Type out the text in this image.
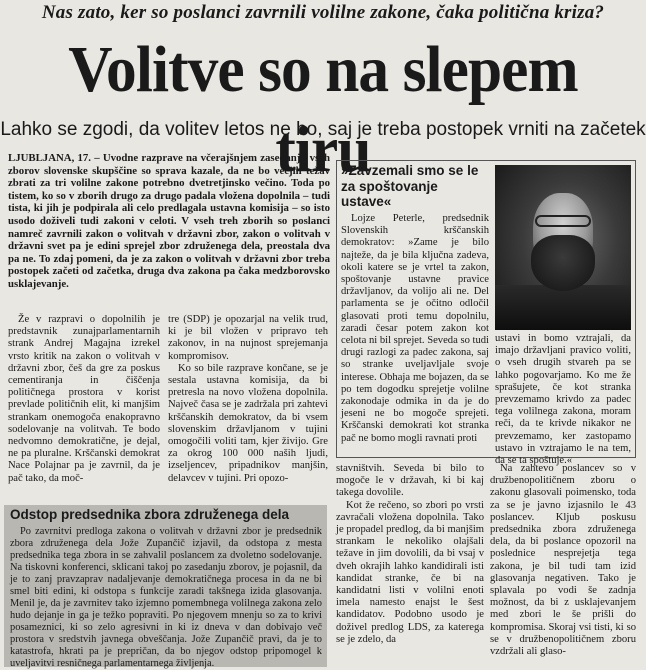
Nas zato, ker so poslanci zavrnili volilne zakone, čaka politična kriza?
Volitve so na slepem tiru
Lahko se zgodi, da volitev letos ne bo, saj je treba postopek vrniti na začetek
LJUBLJANA, 17. – Uvodne razprave na včerajšnjem zasedanju vseh zborov slovenske skupščine so spravа kazale, da ne bo večjih težav zbrati za tri volilne zakone potrebno dvetretjinsko večino. Toda po tistem, ko so v zborih drugo za drugo padala vložena dopolnila – tudi tista, ki jih je podpirala ali celo predlagala ustavna komisija – so isto usodo doživeli tudi zakoni v celoti. V vseh treh zborih so poslanci namreč zavrnili zakon o volitvah v državni zbor, zakon o volitvah v državni svet pa je edini sprejel zbor združenega dela, preostala dva pa ne. To zdaj pomeni, da je za zakon o volitvah v državni zbor treba postopek začeti od začetka, druga dva zakona pa čaka medzborovsko usklajevanje.

Že v razpravi o dopolnilih je predstavnik zunajparlamentarnih strank Andrej Magajna izrekel vrsto kritik na zakon o volitvah v državni zbor, češ da gre za poskus cementiranja in čiščenja političnega prostora v korist prevlade političnih elit, ki manjšim strankam onemogoča enakopravno sodelovanje na volitvah. Te bodo nedvomno demokratične, je dejal, ne pa pluralne. Krščanski demokrat Nace Polajnar pa je zavrnil, da je pač tako, da moč-

tre (SDP) je opozarjal na velik trud, ki je bil vložen v pripravo teh zakonov, in na nujnost sprejemanja kompromisov.

Ko so bile razprave končane, se je sestala ustavna komisija, da bi pretresla na novo vložena dopolnila. Največ časa se je zadržala pri zahtevi krščanskih demokratov, da bi vsem slovenskim državljanom v tujini omogočili voliti tam, kjer živijo. Gre za okrog 100 000 naših ljudi, izseljencev, pripadnikov manjšin, delavcev v tujini. Pri opozo-

»Zavzemali smo se le za spoštovanje ustave«

Lojze Peterle, predsednik Slovenskih krščanskih demokratov: »Zame je bilo najteže, da je bila ključna zadeva, okoli katere se je vrtel ta zakon, spoštovanje ustavne pravice državljanov, da volijo ali ne. Del parlamenta se je očitno odločil glasovati proti temu dopolnilu, zaradi česar potem zakon kot celota ni bil sprejet. Seveda so tudi drugi razlogi za padec zakona, saj so stranke uveljavljale svoje interese. Obhaja me bojazen, da se po tem dogodku sprejetje volilne zakonodaje odmika in da je do jeseni ne bo mogoče sprejeti. Krščanski demokrati kot stranka pač ne bomo mogli ravnati proti

ustavi in bomo vztrajali, da imajo državljani pravico voliti, o vseh drugih stvareh pa se lahko pogovarjamo. Ko me že sprašujete, če kot stranka prevzemamo krivdo za padec tega volilnega zakona, moram reči, da te krivde nikakor ne prevzemamo, ker zastopamo ustavo in vztrajamo le na tem, da se ta spoštuje.«

stavništvih. Seveda bi bilo to mogoče le v državah, ki bi kaj takega dovolile.

Kot že rečeno, so zbori po vrsti zavračali vložena dopolnila. Tako je propadel predlog, da bi manjšim strankam le nekoliko olajšali težave in jim dovolili, da bi vsaj v dveh okrajih lahko kandidirali isti kandidat stranke, če bi na kandidatni listi v volilni enoti imela namesto enajst le šest kandidatov. Podobno usodo je doživel predlog LDS, za katerega se je zdelo, da

Na zahtevo poslancev so v družbenopolitičnem zboru o zakonu glasovali poimensko, toda za se je javno izjasnilo le 43 poslancev. Kljub poskusu predsednika zbora združenega dela, da bi poslance opozoril na poslednice nesprejetja tega zakona, je bil tudi tam izid glasovanja negativen. Tako je splavala po vodi še zadnja možnost, da bi z usklajevanjem med zbori le še prišli do kompromisa. Skoraj vsi tisti, ki so se v družbenopolitičnem zboru vzdržali ali glaso-

Odstop predsednika zbora združenega dela

Po zavrnitvi predloga zakona o volitvah v državni zbor je predsednik zbora združenega dela Jože Zupančič izjavil, da odstopa z mesta predsednika tega zbora in se zahvalil poslancem za dvoletno sodelovanje. Na tiskovni konferenci, sklicani takoj po zasedanju zborov, je pojasnil, da je to zanj pravzaprav nadaljevanje demokratičnega procesa in da ne bi smel biti edini, ki odstopa s funkcije zaradi takšnega izida glasovanja. Menil je, da je zavrnitev tako izjemno pomembnega volilnega zakona zelo hudo dejanje in ga je težko popraviti. Po njegovem mnenju so za to krivi posameznici, ki so zelo agresivni in ki iz dneva v dan dobivajo več prostora v sredstvih javnega obveščanja. Jože Zupančič pravi, da je to katastrofa, hkrati pa je prepričan, da bo njegov odstop pripomogel k uveljavitvi resničnega parlamentarnega življenja.
